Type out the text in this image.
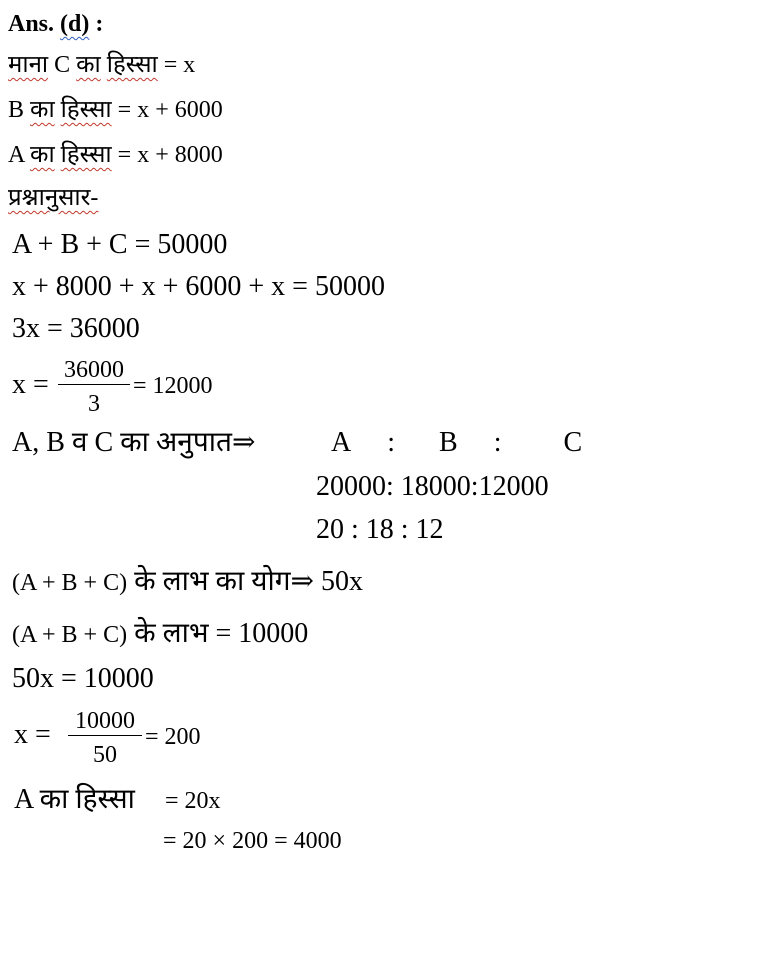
Ans. (d) :
माना C का हिस्सा = x
B का हिस्सा = x + 6000
A का हिस्सा = x + 8000
प्रश्नानुसार-
A + B + C = 50000
x + 8000 + x + 6000 + x = 50000
3x = 36000
x = 36000
3
= 12000
A, B व C का अनुपात⇒	A : B : C
20000: 18000:12000
20 : 18 : 12
(A + B + C) के लाभ का योग⇒ 50x
(A + B + C) के लाभ = 10000
50x = 10000
x = 10000
50
= 200
A का हिस्सा = 20x
= 20 × 200 = 4000
